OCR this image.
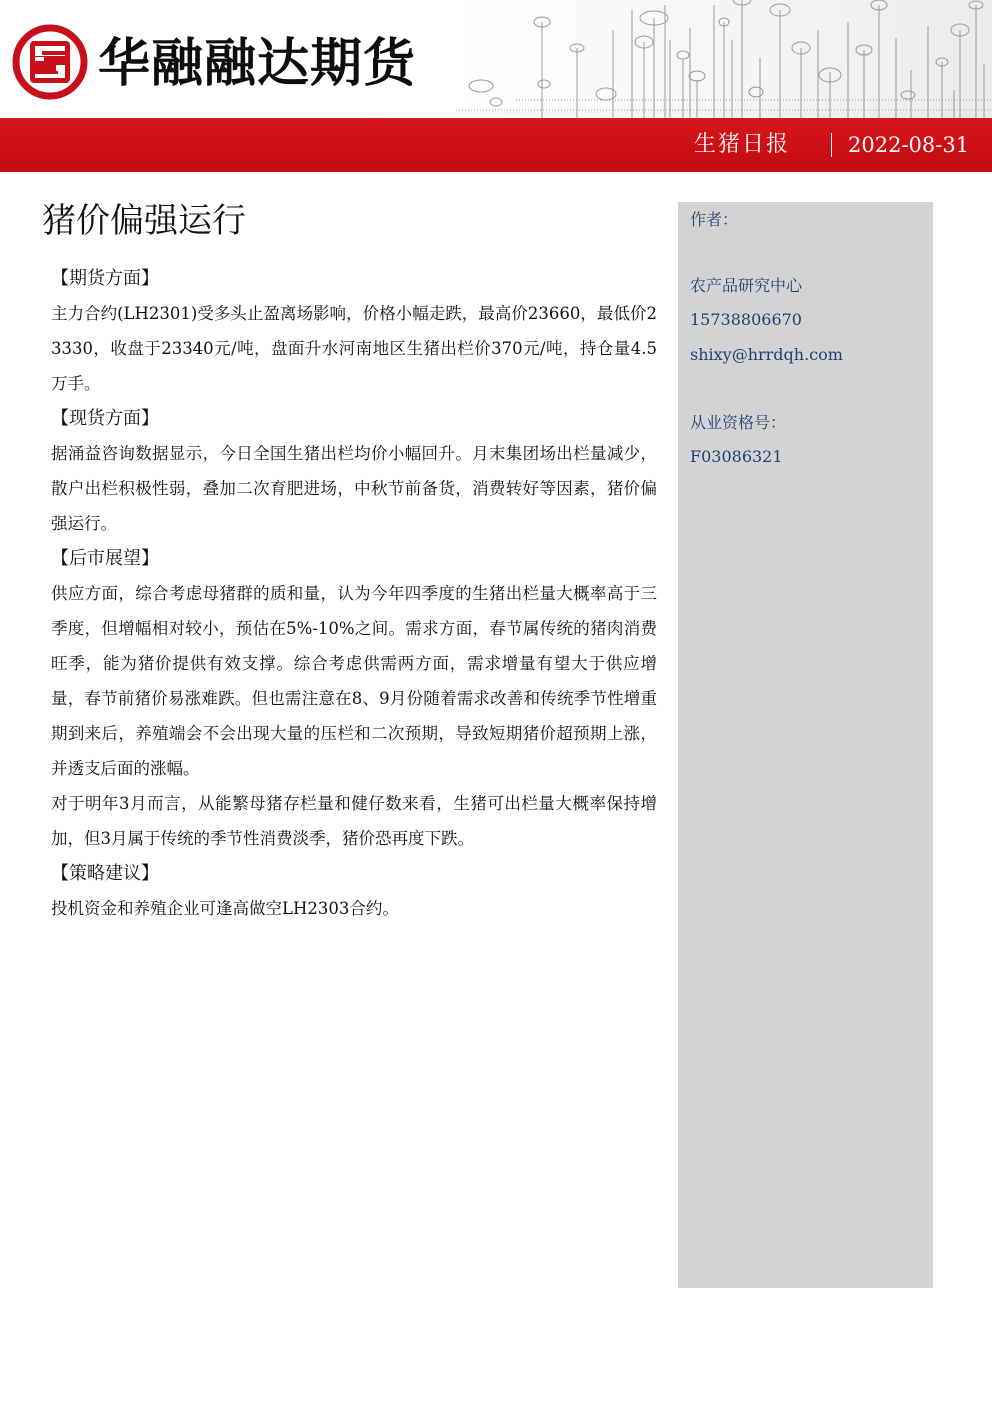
华融融达期货
生猪日报	2022-08-31
猪价偏强运行
【期货方面】

主力合约(LH2301)受多头止盈离场影响，价格小幅走跌，最高价23660，最低价23330，收盘于23340元/吨，盘面升水河南地区生猪出栏价370元/吨，持仓量4.5万手。

【现货方面】

据涌益咨询数据显示，今日全国生猪出栏均价小幅回升。月末集团场出栏量减少，散户出栏积极性弱，叠加二次育肥进场，中秋节前备货，消费转好等因素，猪价偏强运行。

【后市展望】

供应方面，综合考虑母猪群的质和量，认为今年四季度的生猪出栏量大概率高于三季度，但增幅相对较小，预估在5%-10%之间。需求方面，春节属传统的猪肉消费旺季，能为猪价提供有效支撑。综合考虑供需两方面，需求增量有望大于供应增量，春节前猪价易涨难跌。但也需注意在8、9月份随着需求改善和传统季节性增重期到来后，养殖端会不会出现大量的压栏和二次预期，导致短期猪价超预期上涨，并透支后面的涨幅。

对于明年3月而言，从能繁母猪存栏量和健仔数来看，生猪可出栏量大概率保持增加，但3月属于传统的季节性消费淡季，猪价恐再度下跌。

【策略建议】

投机资金和养殖企业可逢高做空LH2303合约。

作者：
农产品研究中心
15738806670
shixy@hrrdqh.com
从业资格号：
F03086321
